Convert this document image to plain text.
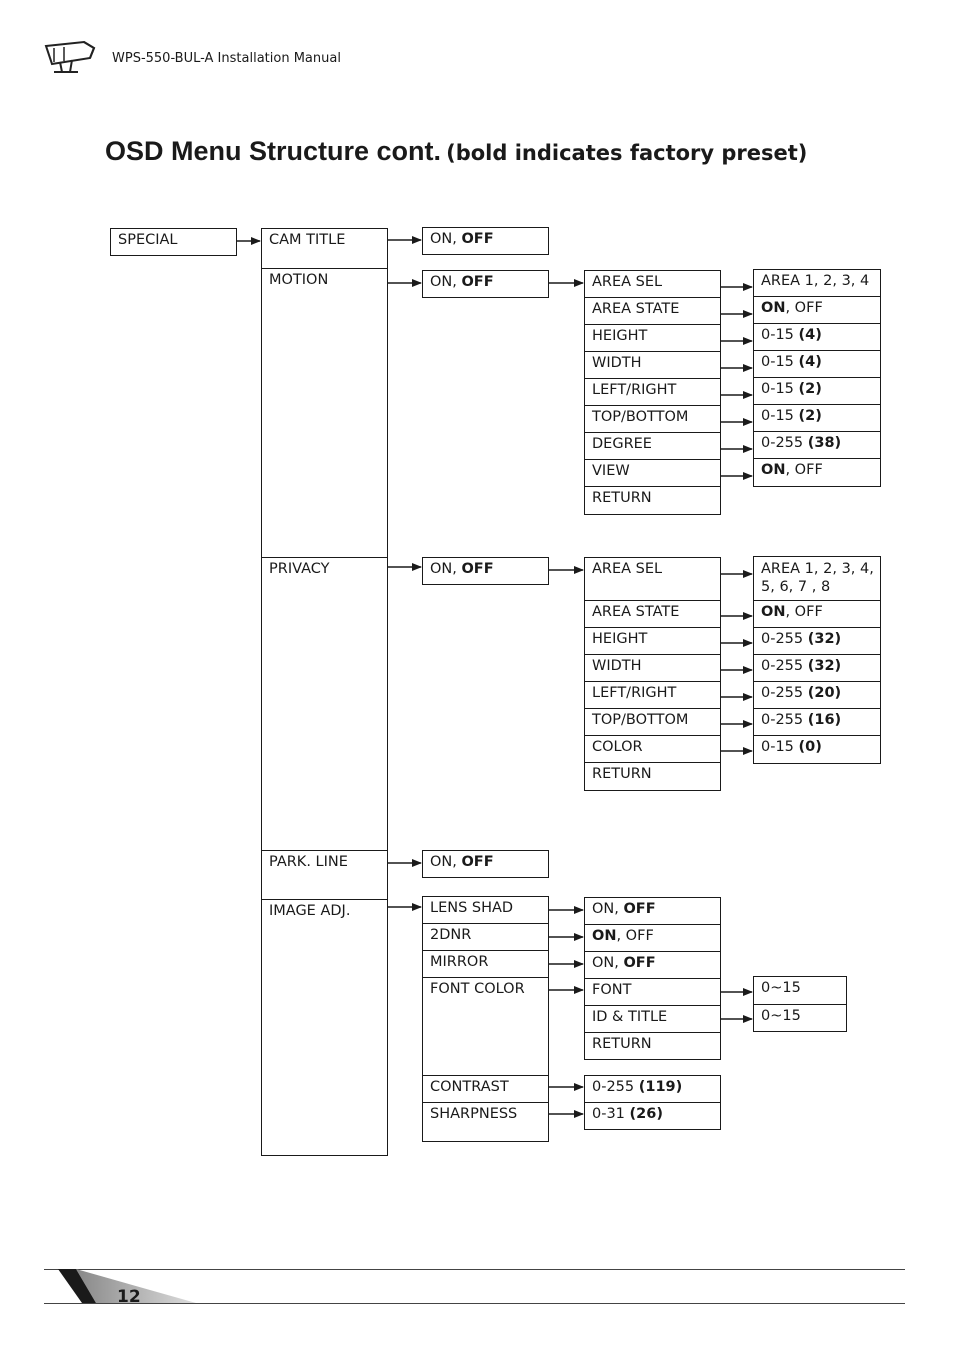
WPS-550-BUL-A Installation Manual
OSD Menu Structure cont. (bold indicates factory preset)
SPECIAL	CAM TITLE
MOTION
PRIVACY
PARK. LINE
IMAGE ADJ.
ON, OFF
ON, OFF
ON, OFF
ON, OFF
LENS SHAD
2DNR
MIRROR
FONT COLOR
CONTRAST
SHARPNESS
AREA SEL
AREA STATE
HEIGHT
WIDTH
LEFT/RIGHT
TOP/BOTTOM
DEGREE
VIEW
RETURN
AREA 1, 2, 3, 4
ON, OFF
0-15 (4)
0-15 (4)
0-15 (2)
0-15 (2)
0-255 (38)
ON, OFF
AREA SEL
AREA STATE
HEIGHT
WIDTH
LEFT/RIGHT
TOP/BOTTOM
COLOR
RETURN
AREA 1, 2, 3, 4, 5, 6, 7 , 8
ON, OFF
0-255 (32)
0-255 (32)
0-255 (20)
0-255 (16)
0-15 (0)
ON, OFF
ON, OFF
ON, OFF
FONT
ID & TITLE
RETURN
0~15
0~15
0-255 (119)
0-31 (26)
12
